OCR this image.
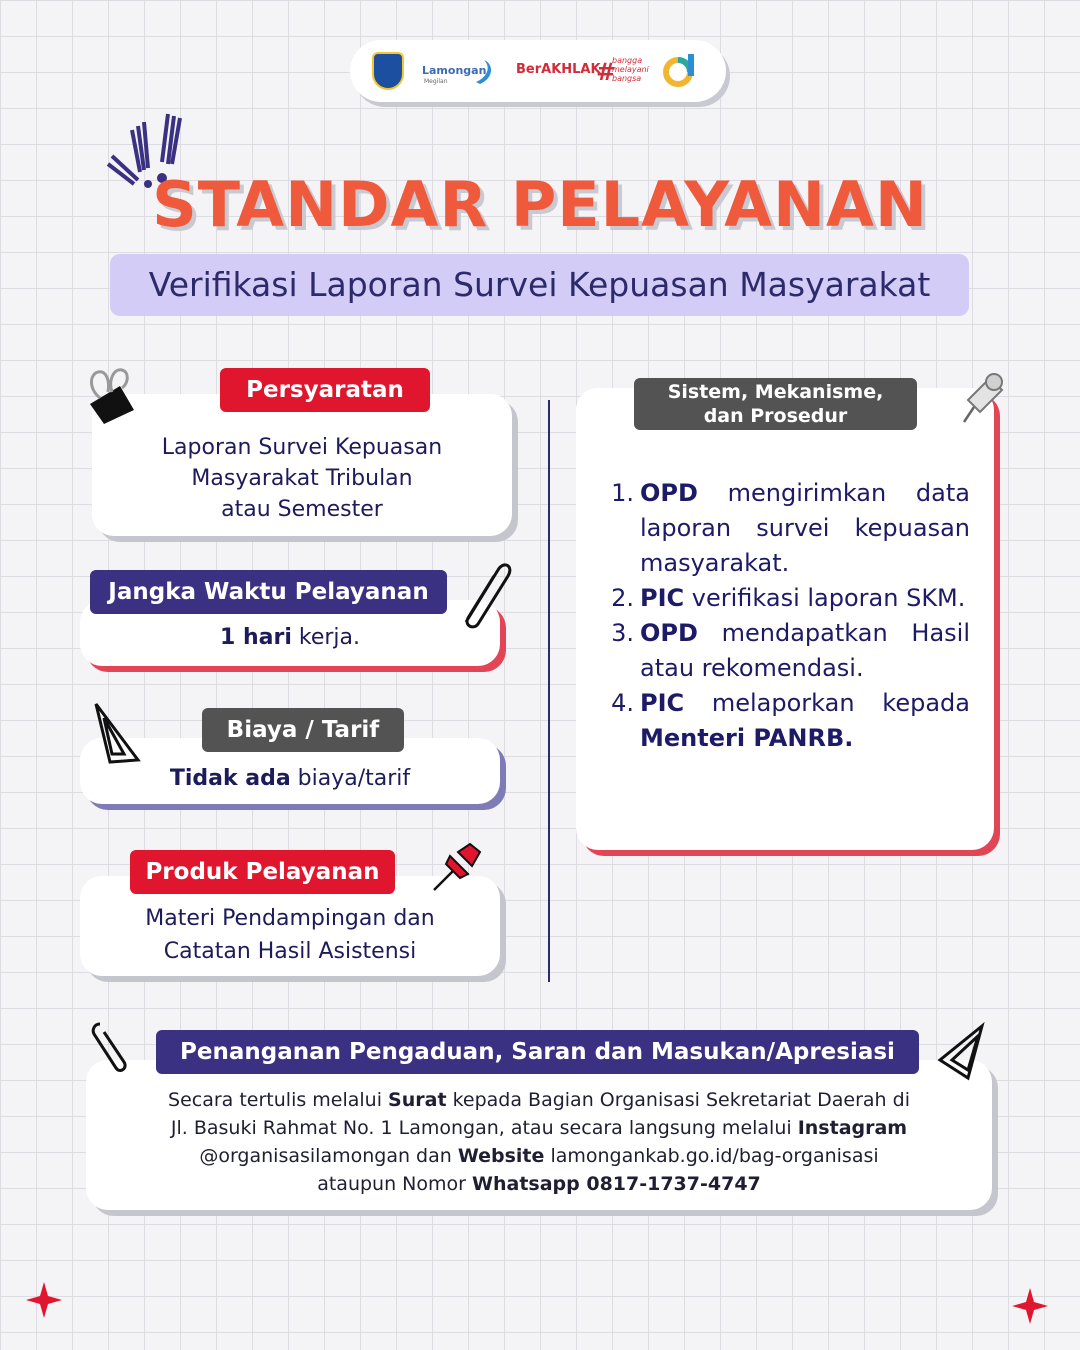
Lamongan
Megilan
BerAKHLAK
#
bangga
melayani
bangsa
STANDAR PELAYANAN
Verifikasi Laporan Survei Kepuasan Masyarakat
Laporan Survei Kepuasan
Masyarakat Tribulan
atau Semester
Persyaratan
1 hari kerja.
Jangka Waktu Pelayanan
Tidak ada biaya/tarif
Biaya / Tarif
Materi Pendampingan dan
Catatan Hasil Asistensi
Produk Pelayanan
1. OPD mengirimkan data laporan survei kepuasan masyarakat.
2. PIC verifikasi laporan SKM.
3. OPD mendapatkan Hasil atau rekomendasi.
4. PIC melaporkan kepada Menteri PANRB.
Sistem, Mekanisme,
dan Prosedur
Secara tertulis melalui Surat kepada Bagian Organisasi Sekretariat Daerah di
Jl. Basuki Rahmat No. 1 Lamongan, atau secara langsung melalui Instagram
@organisasilamongan dan Website lamongankab.go.id/bag-organisasi
ataupun Nomor Whatsapp 0817-1737-4747
Penanganan Pengaduan, Saran dan Masukan/Apresiasi
